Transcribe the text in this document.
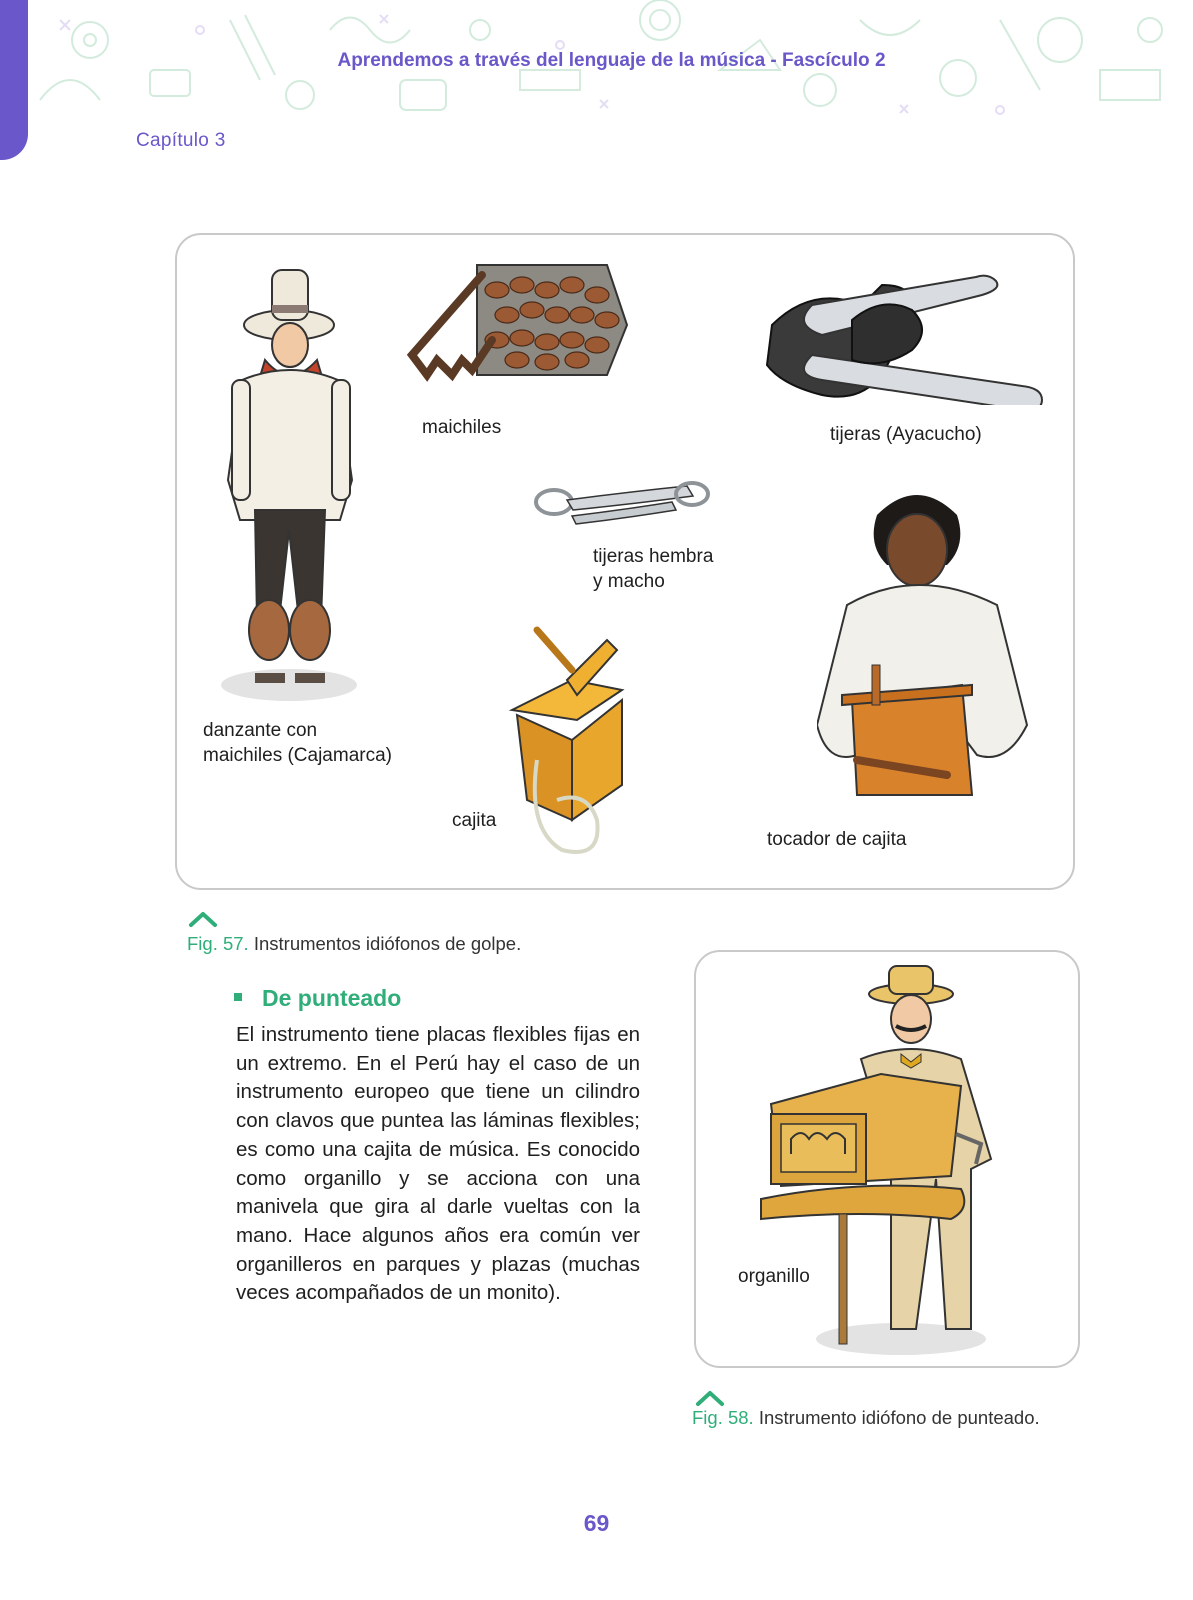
Aprendemos a través del lenguaje de la música - Fascículo 2
Capítulo 3
maichiles	tijeras (Ayacucho)
tijeras hembra
y macho
danzante con
maichiles (Cajamarca)
cajita
tocador de cajita
Fig. 57. Instrumentos idiófonos de golpe.
De punteado
El instrumento tiene placas flexibles fijas en un extremo. En el Perú hay el caso de un instrumento europeo que tiene un cilindro con clavos que puntea las láminas flexibles; es como una cajita de música. Es conocido como organillo y se acciona con una manivela que gira al darle vueltas con la mano. Hace algunos años era común ver organilleros en parques y plazas (muchas veces acompañados de un monito).
organillo
Fig. 58. Instrumento idiófono de punteado.
69
